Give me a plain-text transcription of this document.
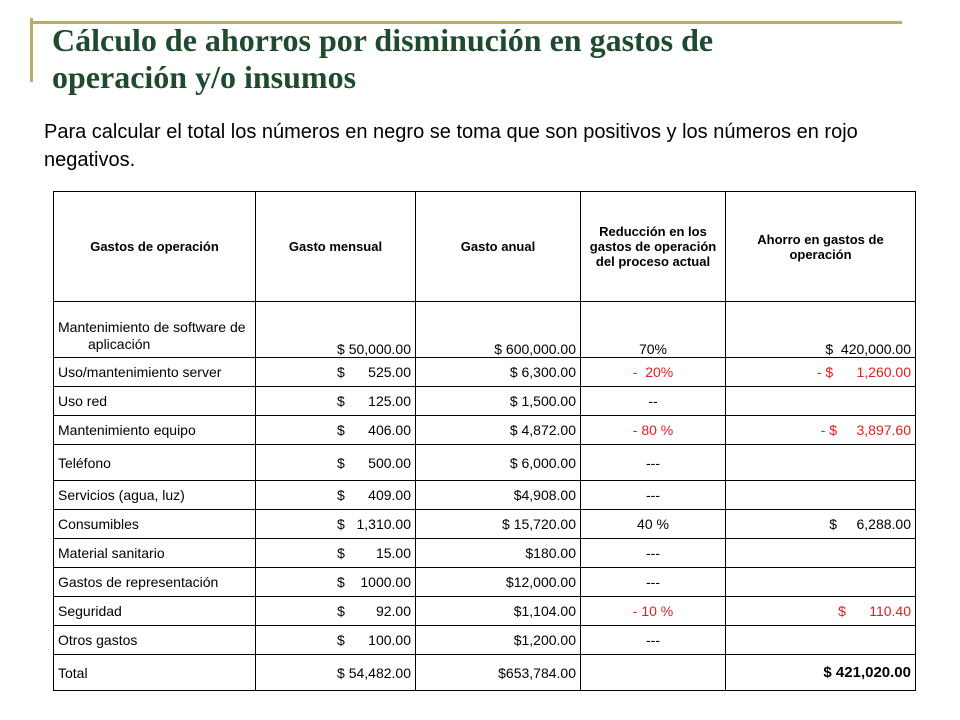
Cálculo de ahorros por disminución en gastos de
operación y/o insumos

Para calcular el total los números en negro se toma que son positivos y los números en rojo negativos.

Gastos de operación	Gasto mensual	Gasto anual	Reducción en los gastos de operación del proceso actual	Ahorro en gastos de operación

Mantenimiento de software de
aplicación	$ 50,000.00	$ 600,000.00	70%	$  420,000.00
Uso/mantenimiento server	$      525.00	$ 6,300.00	-  20%	- $      1,260.00
Uso red	$      125.00	$ 1,500.00	--	
Mantenimiento equipo	$      406.00	$ 4,872.00	- 80 %	- $     3,897.60
Teléfono	$      500.00	$ 6,000.00	---	
Servicios (agua, luz)	$      409.00	$4,908.00	---	
Consumibles	$   1,310.00	$ 15,720.00	40 %	$     6,288.00
Material sanitario	$        15.00	$180.00	---	
Gastos de representación	$    1000.00	$12,000.00	---	
Seguridad	$        92.00	$1,104.00	- 10 %	$      110.40
Otros gastos	$      100.00	$1,200.00	---	
Total	$ 54,482.00	$653,784.00		$ 421,020.00
